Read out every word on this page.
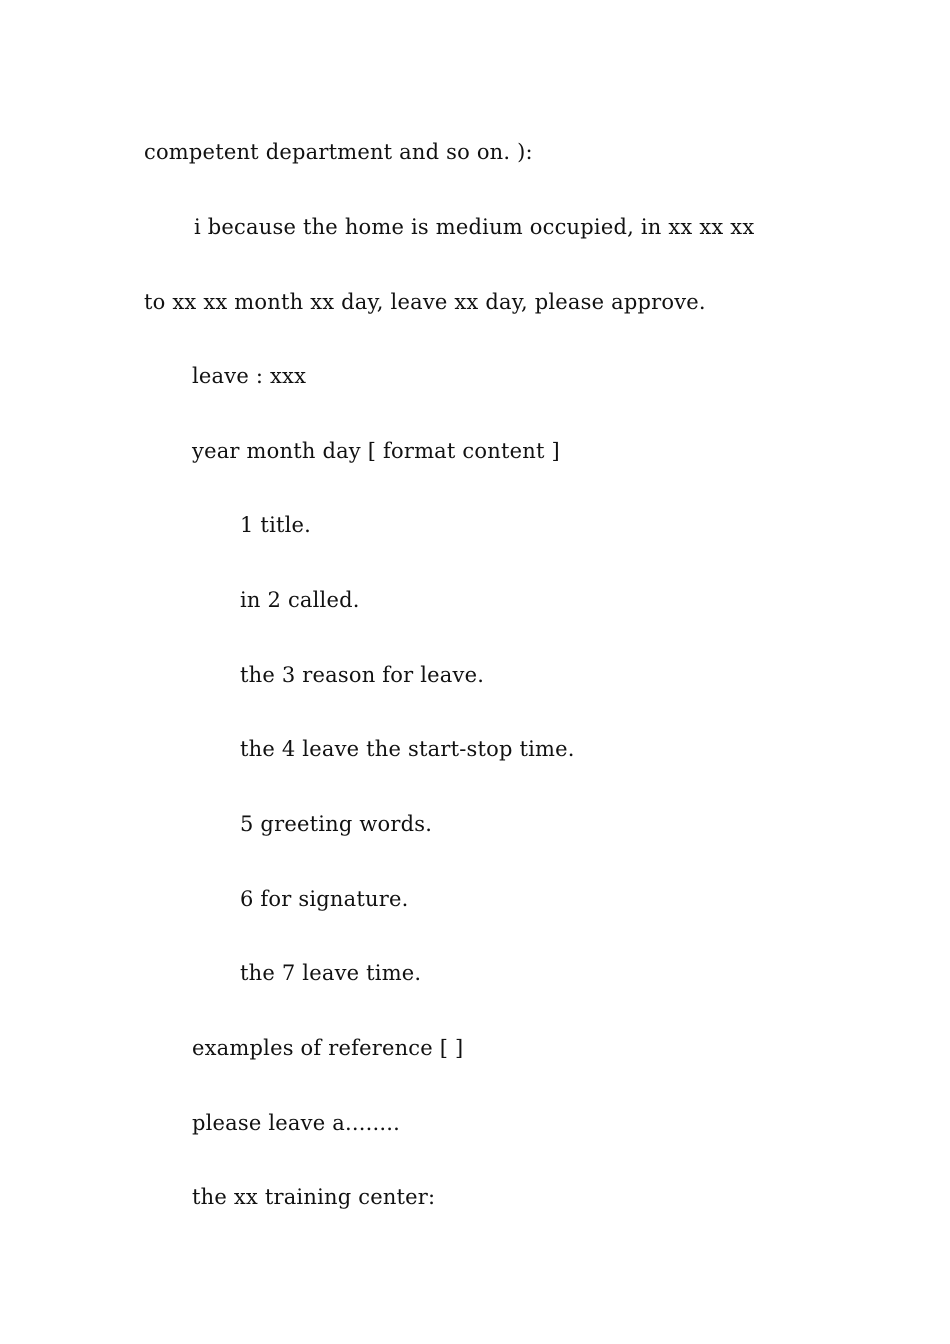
competent department and so on. ):
i because the home is medium occupied, in xx xx xx
to xx xx month xx day, leave xx day, please approve.
leave : xxx
year month day [ format content ]
1 title.
in 2 called.
the 3 reason for leave.
the 4 leave the start-stop time.
5 greeting words.
6 for signature.
the 7 leave time.
examples of reference [ ]
please leave a........
the xx training center:
